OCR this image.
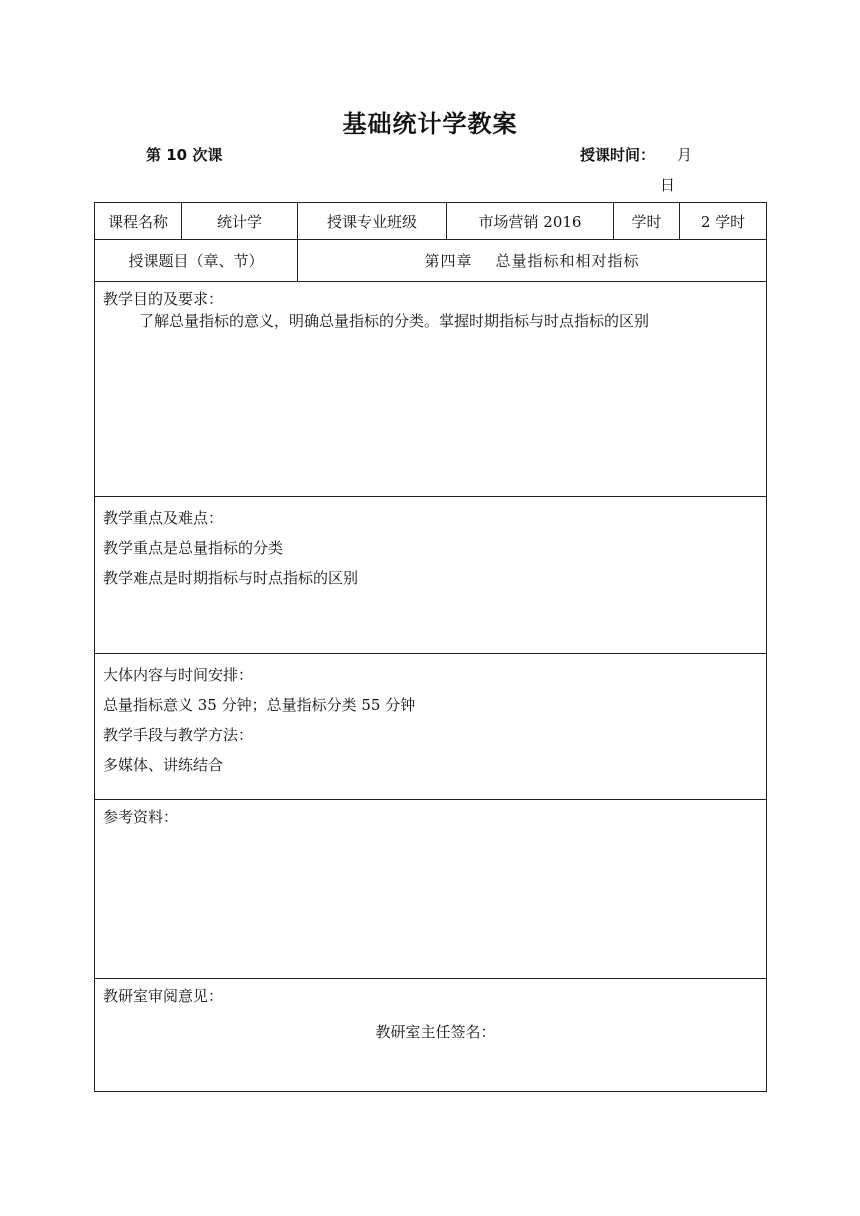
基础统计学教案
第 10 次课	授课时间： 月
日
课程名称	统计学	授课专业班级	市场营销 2016	学时	2 学时
授课题目（章、节）		第四章    总量指标和相对指标			

教学目的及要求：
了解总量指标的意义，明确总量指标的分类。掌握时期指标与时点指标的区别					

教学重点及难点：
教学重点是总量指标的分类
教学难点是时期指标与时点指标的区别					

大体内容与时间安排：
总量指标意义 35 分钟；总量指标分类 55 分钟
教学手段与教学方法：
多媒体、讲练结合					

参考资料：					

教研室审阅意见：
教研室主任签名：					
